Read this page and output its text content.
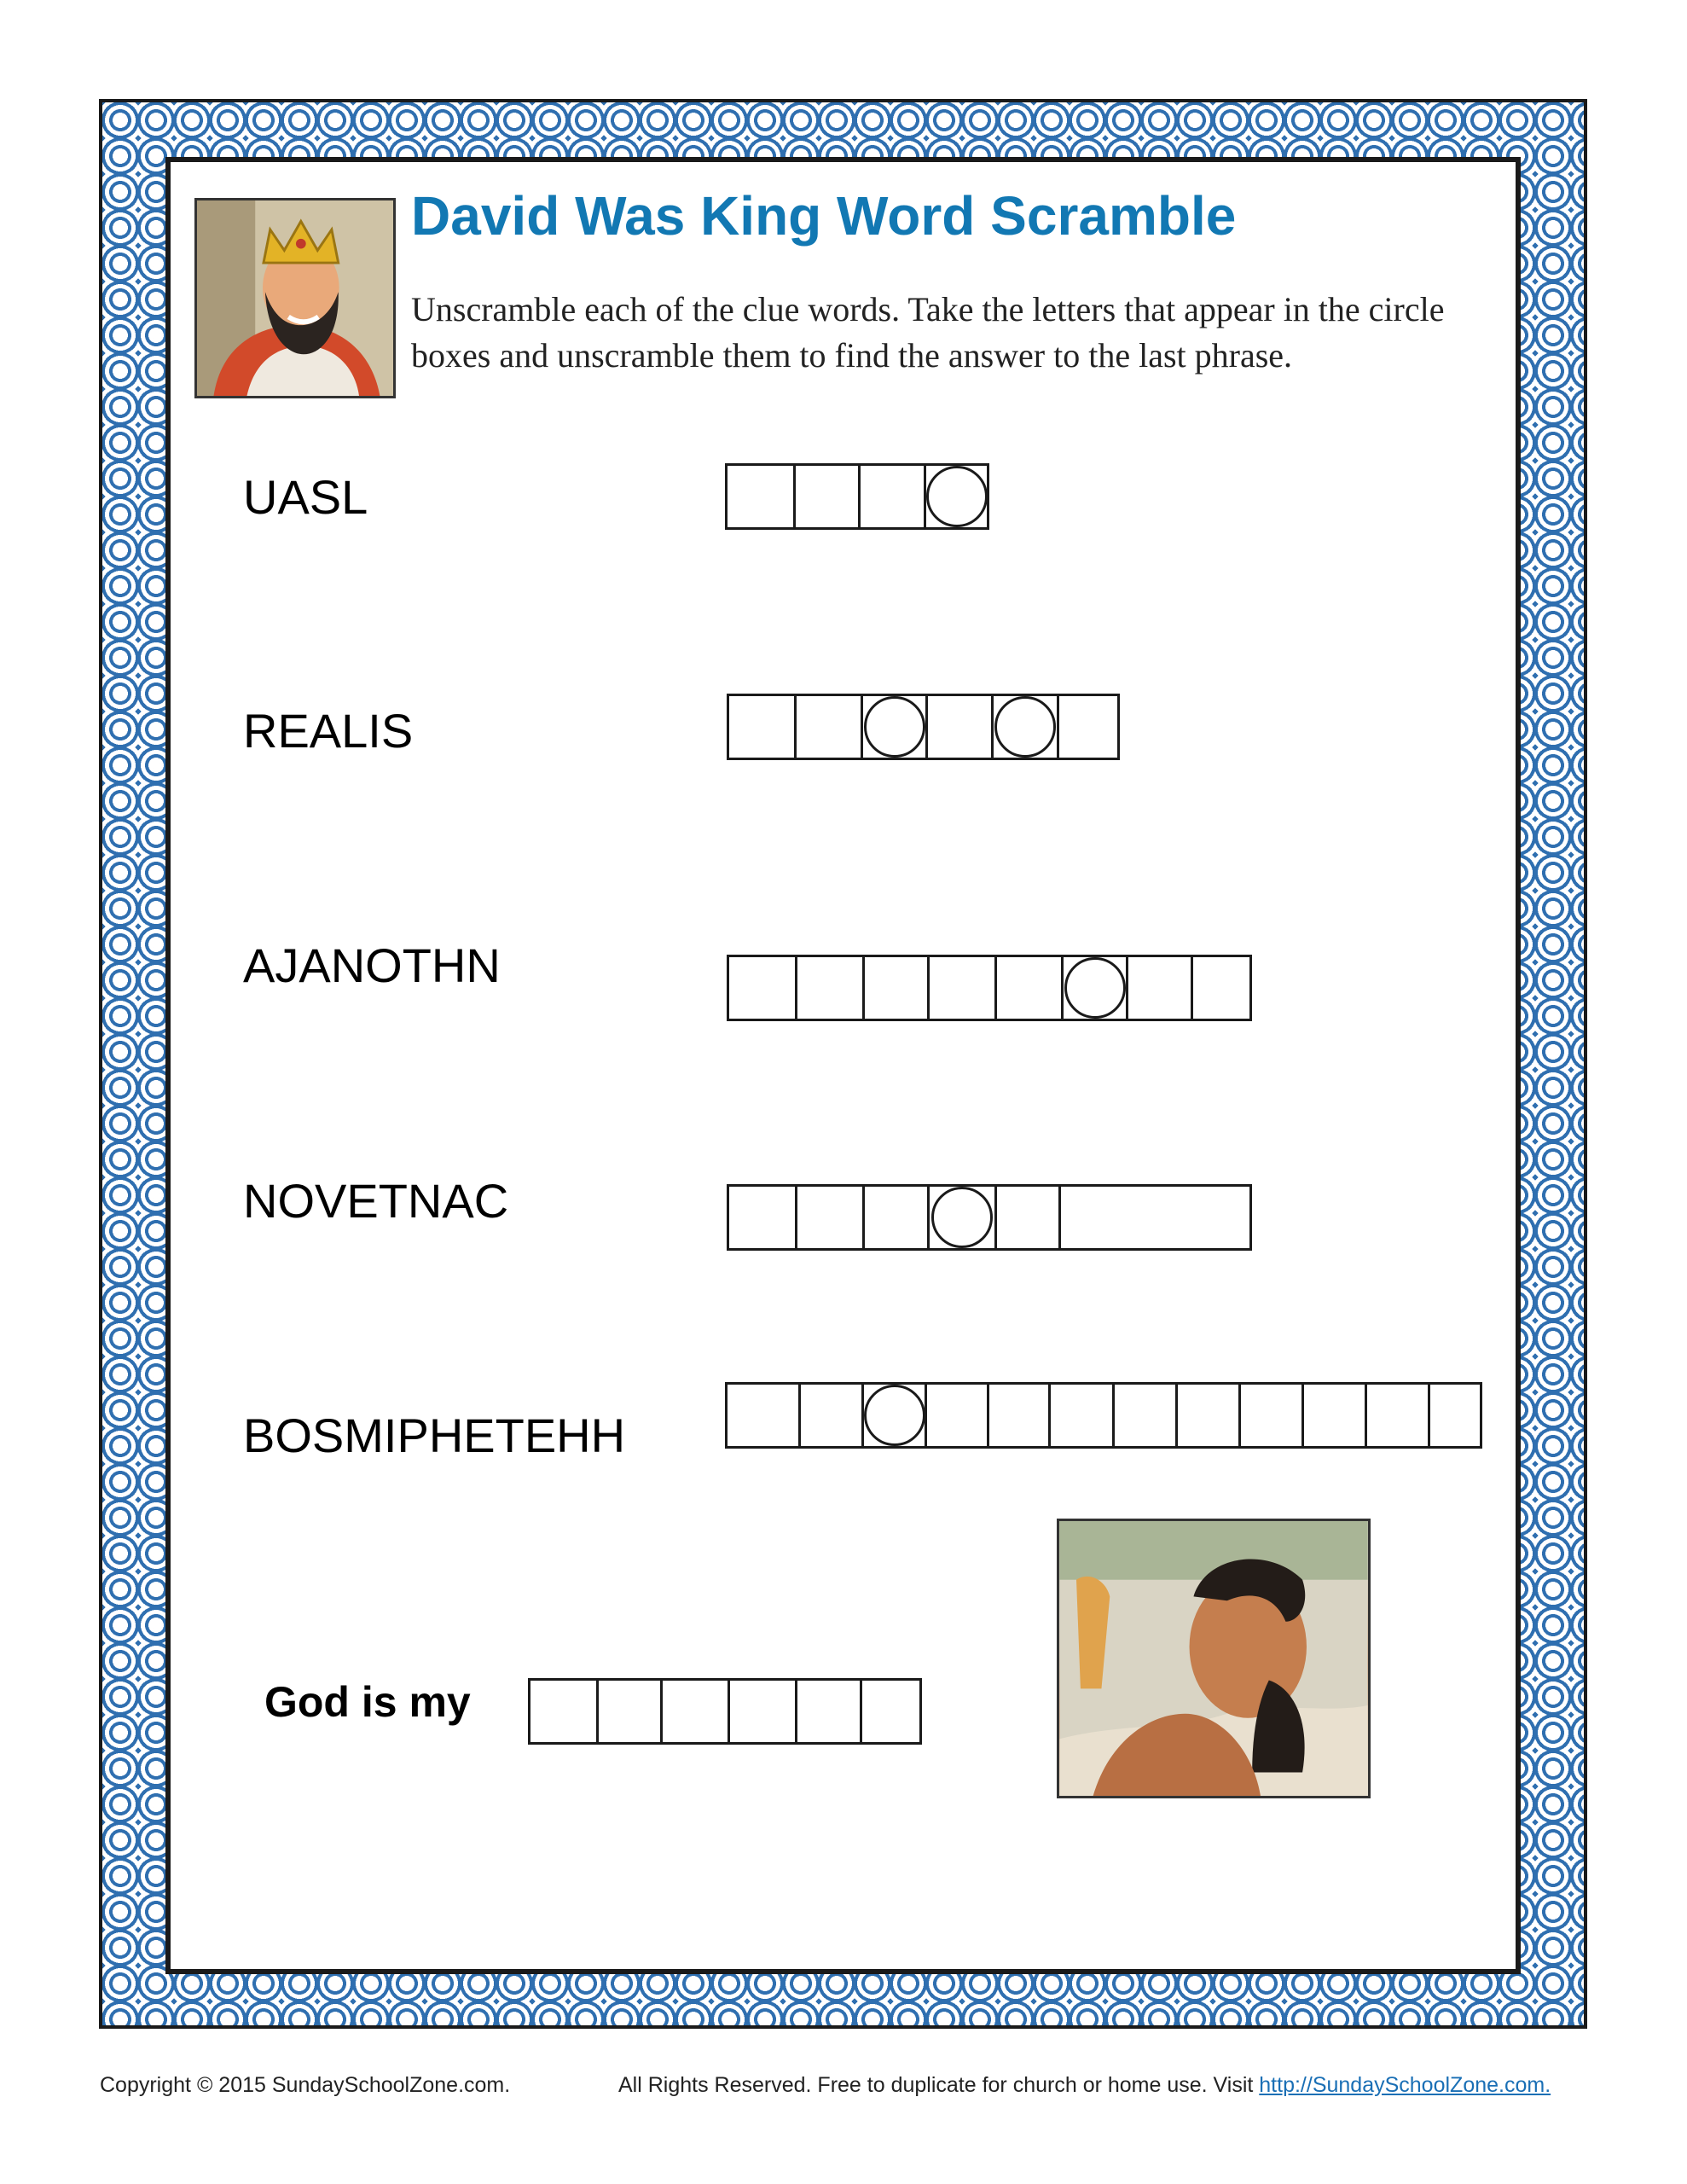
David Was King Word Scramble

Unscramble each of the clue words. Take the letters that appear in the circle boxes and unscramble them to find the answer to the last phrase.

UASL
REALIS
AJANOTHN
NOVETNAC
BOSMIPHETEHH
God is my
Copyright © 2015 SundaySchoolZone.com.	All Rights Reserved. Free to duplicate for church or home use. Visit http://SundaySchoolZone.com.
